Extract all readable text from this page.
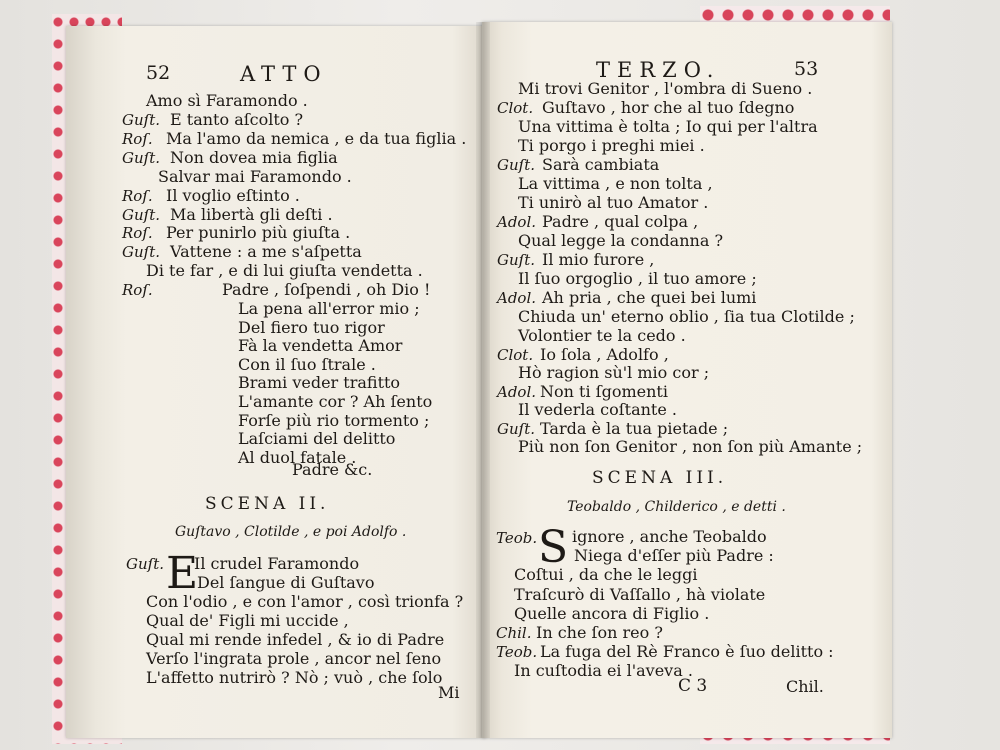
52	ATTO
Amo sì Faramondo .
Guſt. E tanto aſcolto ?
Roſ. Ma l'amo da nemica , e da tua figlia .
Guſt. Non dovea mia figlia
Salvar mai Faramondo .
Roſ. Il voglio eſtinto .
Guſt. Ma libertà gli deſti .
Roſ. Per punirlo più giuſta .
Guſt. Vattene : a me s'aſpetta
Di te far , e di lui giuſta vendetta .
Roſ.	Padre , ſoſpendi , oh Dio !
La pena all'error mio ;
Del fiero tuo rigor
Fà la vendetta Amor
Con il ſuo ſtrale .
Brami veder trafitto
L'amante cor ? Ah ſento
Forſe più rio tormento ;
Laſciami del delitto
Al duol fatale .
Padre &c.
SCENA II.
Guſtavo , Clotilde , e poi Adolfo .
Guſt. E
Il crudel Faramondo
Del ſangue di Guſtavo
Con l'odio , e con l'amor , così trionfa ?
Qual de' Figli mi uccide ,
Qual mi rende infedel , & io di Padre
Verſo l'ingrata prole , ancor nel ſeno
L'affetto nutrirò ? Nò ; vuò , che ſolo
Mi
TERZO.	53
Mi trovi Genitor , l'ombra di Sueno .
Clot. Guſtavo , hor che al tuo ſdegno
Una vittima è tolta ; Io qui per l'altra
Ti porgo i preghi miei .
Guſt. Sarà cambiata
La vittima , e non tolta ,
Ti unirò al tuo Amator .
Adol. Padre , qual colpa ,
Qual legge la condanna ?
Guſt. Il mio furore ,
Il ſuo orgoglio , il tuo amore ;
Adol. Ah pria , che quei bei lumi
Chiuda un' eterno oblio , ſia tua Clotilde ;
Volontier te la cedo .
Clot. Io ſola , Adolfo ,
Hò ragion sù'l mio cor ;
Adol. Non ti ſgomenti
Il vederla coſtante .
Guſt. Tarda è la tua pietade ;
Più non ſon Genitor , non ſon più Amante ;
SCENA III.
Teobaldo , Childerico , e detti .
Teob. S ignore , anche Teobaldo
Niega d'eſſer più Padre :
Coſtui , da che le leggi
Traſcurò di Vaſſallo , hà violate
Quelle ancora di Figlio .
Chil. In che ſon reo ?
Teob. La fuga del Rè Franco è ſuo delitto :
In cuſtodia ei l'aveva .
C 3	Chil.
